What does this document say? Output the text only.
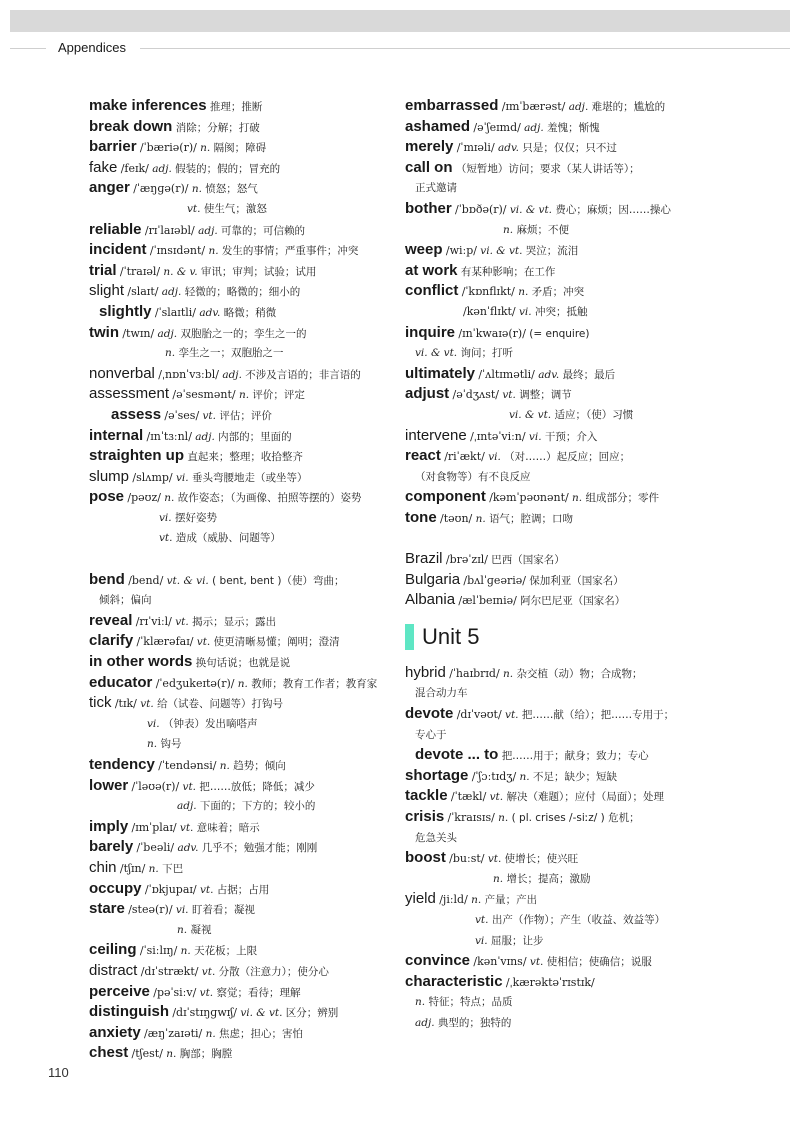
Appendices
make inferences 推理；推断
break down 消除；分解；打破
barrier /ˈbæriə(r)/ n. 隔阂；障碍
fake /feɪk/ adj. 假装的；假的；冒充的
anger /ˈæŋɡə(r)/ n. 愤怒；怒气
vt. 使生气；激怒
reliable /rɪˈlaɪəbl/ adj. 可靠的；可信赖的
incident /ˈɪnsɪdənt/ n. 发生的事情；严重事件；冲突
trial /ˈtraɪəl/ n. & v. 审讯；审判；试验；试用
slight /slaɪt/ adj. 轻微的；略微的；细小的
slightly /ˈslaɪtli/ adv. 略微；稍微
twin /twɪn/ adj. 双胞胎之一的；孪生之一的
n. 孪生之一；双胞胎之一
nonverbal /ˌnɒnˈvɜːbl/ adj. 不涉及言语的；非言语的
assessment /əˈsesmənt/ n. 评价；评定
assess /əˈses/ vt. 评估；评价
internal /ɪnˈtɜːnl/ adj. 内部的；里面的
straighten up 直起来；整理；收拾整齐
slump /slʌmp/ vi. 垂头弯腰地走（或坐等）
pose /pəʊz/ n. 故作姿态；（为画像、拍照等摆的）姿势
vi. 摆好姿势
vt. 造成（威胁、问题等）
bend /bend/ vt. & vi. ( bent, bent )（使）弯曲；
倾斜；偏向
reveal /rɪˈviːl/ vt. 揭示；显示；露出
clarify /ˈklærəfaɪ/ vt. 使更清晰易懂；阐明；澄清
in other words 换句话说；也就是说
educator /ˈedʒukeɪtə(r)/ n. 教师；教育工作者；教育家
tick /tɪk/ vt. 给（试卷、问题等）打钩号
vi. （钟表）发出嘀嗒声
n. 钩号
tendency /ˈtendənsi/ n. 趋势；倾向
lower /ˈləʊə(r)/ vt. 把……放低；降低；减少
adj. 下面的；下方的；较小的
imply /ɪmˈplaɪ/ vt. 意味着；暗示
barely /ˈbeəli/ adv. 几乎不；勉强才能；刚刚
chin /tʃɪn/ n. 下巴
occupy /ˈɒkjupaɪ/ vt. 占据；占用
stare /steə(r)/ vi. 盯着看；凝视
n. 凝视
ceiling /ˈsiːlɪŋ/ n. 天花板；上限
distract /dɪˈstrækt/ vt. 分散（注意力）；使分心
perceive /pəˈsiːv/ vt. 察觉；看待；理解
distinguish /dɪˈstɪŋɡwɪʃ/ vi. & vt. 区分；辨别
anxiety /æŋˈzaɪəti/ n. 焦虑；担心；害怕
chest /tʃest/ n. 胸部；胸膛
embarrassed /ɪmˈbærəst/ adj. 难堪的；尴尬的
ashamed /əˈʃeɪmd/ adj. 羞愧；惭愧
merely /ˈmɪəli/ adv. 只是；仅仅；只不过
call on （短暂地）访问；要求（某人讲话等）；
正式邀请
bother /ˈbɒðə(r)/ vi. & vt. 费心；麻烦；因……操心
n. 麻烦；不便
weep /wiːp/ vi. & vt. 哭泣；流泪
at work 有某种影响；在工作
conflict /ˈkɒnflɪkt/ n. 矛盾；冲突
/kənˈflɪkt/ vi. 冲突；抵触
inquire /ɪnˈkwaɪə(r)/ (= enquire)
vi. & vt. 询问；打听
ultimately /ˈʌltɪmətli/ adv. 最终；最后
adjust /əˈdʒʌst/ vt. 调整；调节
vi. & vt. 适应；（使）习惯
intervene /ˌɪntəˈviːn/ vi. 干预；介入
react /riˈækt/ vi. （对……）起反应；回应；
（对食物等）有不良反应
component /kəmˈpəʊnənt/ n. 组成部分；零件
tone /təʊn/ n. 语气；腔调；口吻
Brazil /brəˈzɪl/ 巴西（国家名）
Bulgaria /bʌlˈɡeəriə/ 保加利亚（国家名）
Albania /ælˈbeɪniə/ 阿尔巴尼亚（国家名）
Unit 5
hybrid /ˈhaɪbrɪd/ n. 杂交植（动）物；合成物；
混合动力车
devote /dɪˈvəʊt/ vt. 把……献（给）；把……专用于；
专心于
devote ... to 把……用于；献身；致力；专心
shortage /ˈʃɔːtɪdʒ/ n. 不足；缺少；短缺
tackle /ˈtækl/ vt. 解决（难题）；应付（局面）；处理
crisis /ˈkraɪsɪs/ n. ( pl. crises /-siːz/ ) 危机；
危急关头
boost /buːst/ vt. 使增长；使兴旺
n. 增长；提高；激励
yield /jiːld/ n. 产量；产出
vt. 出产（作物）；产生（收益、效益等）
vi. 屈服；让步
convince /kənˈvɪns/ vt. 使相信；使确信；说服
characteristic /ˌkærəktəˈrɪstɪk/
n. 特征；特点；品质
adj. 典型的；独特的
110
